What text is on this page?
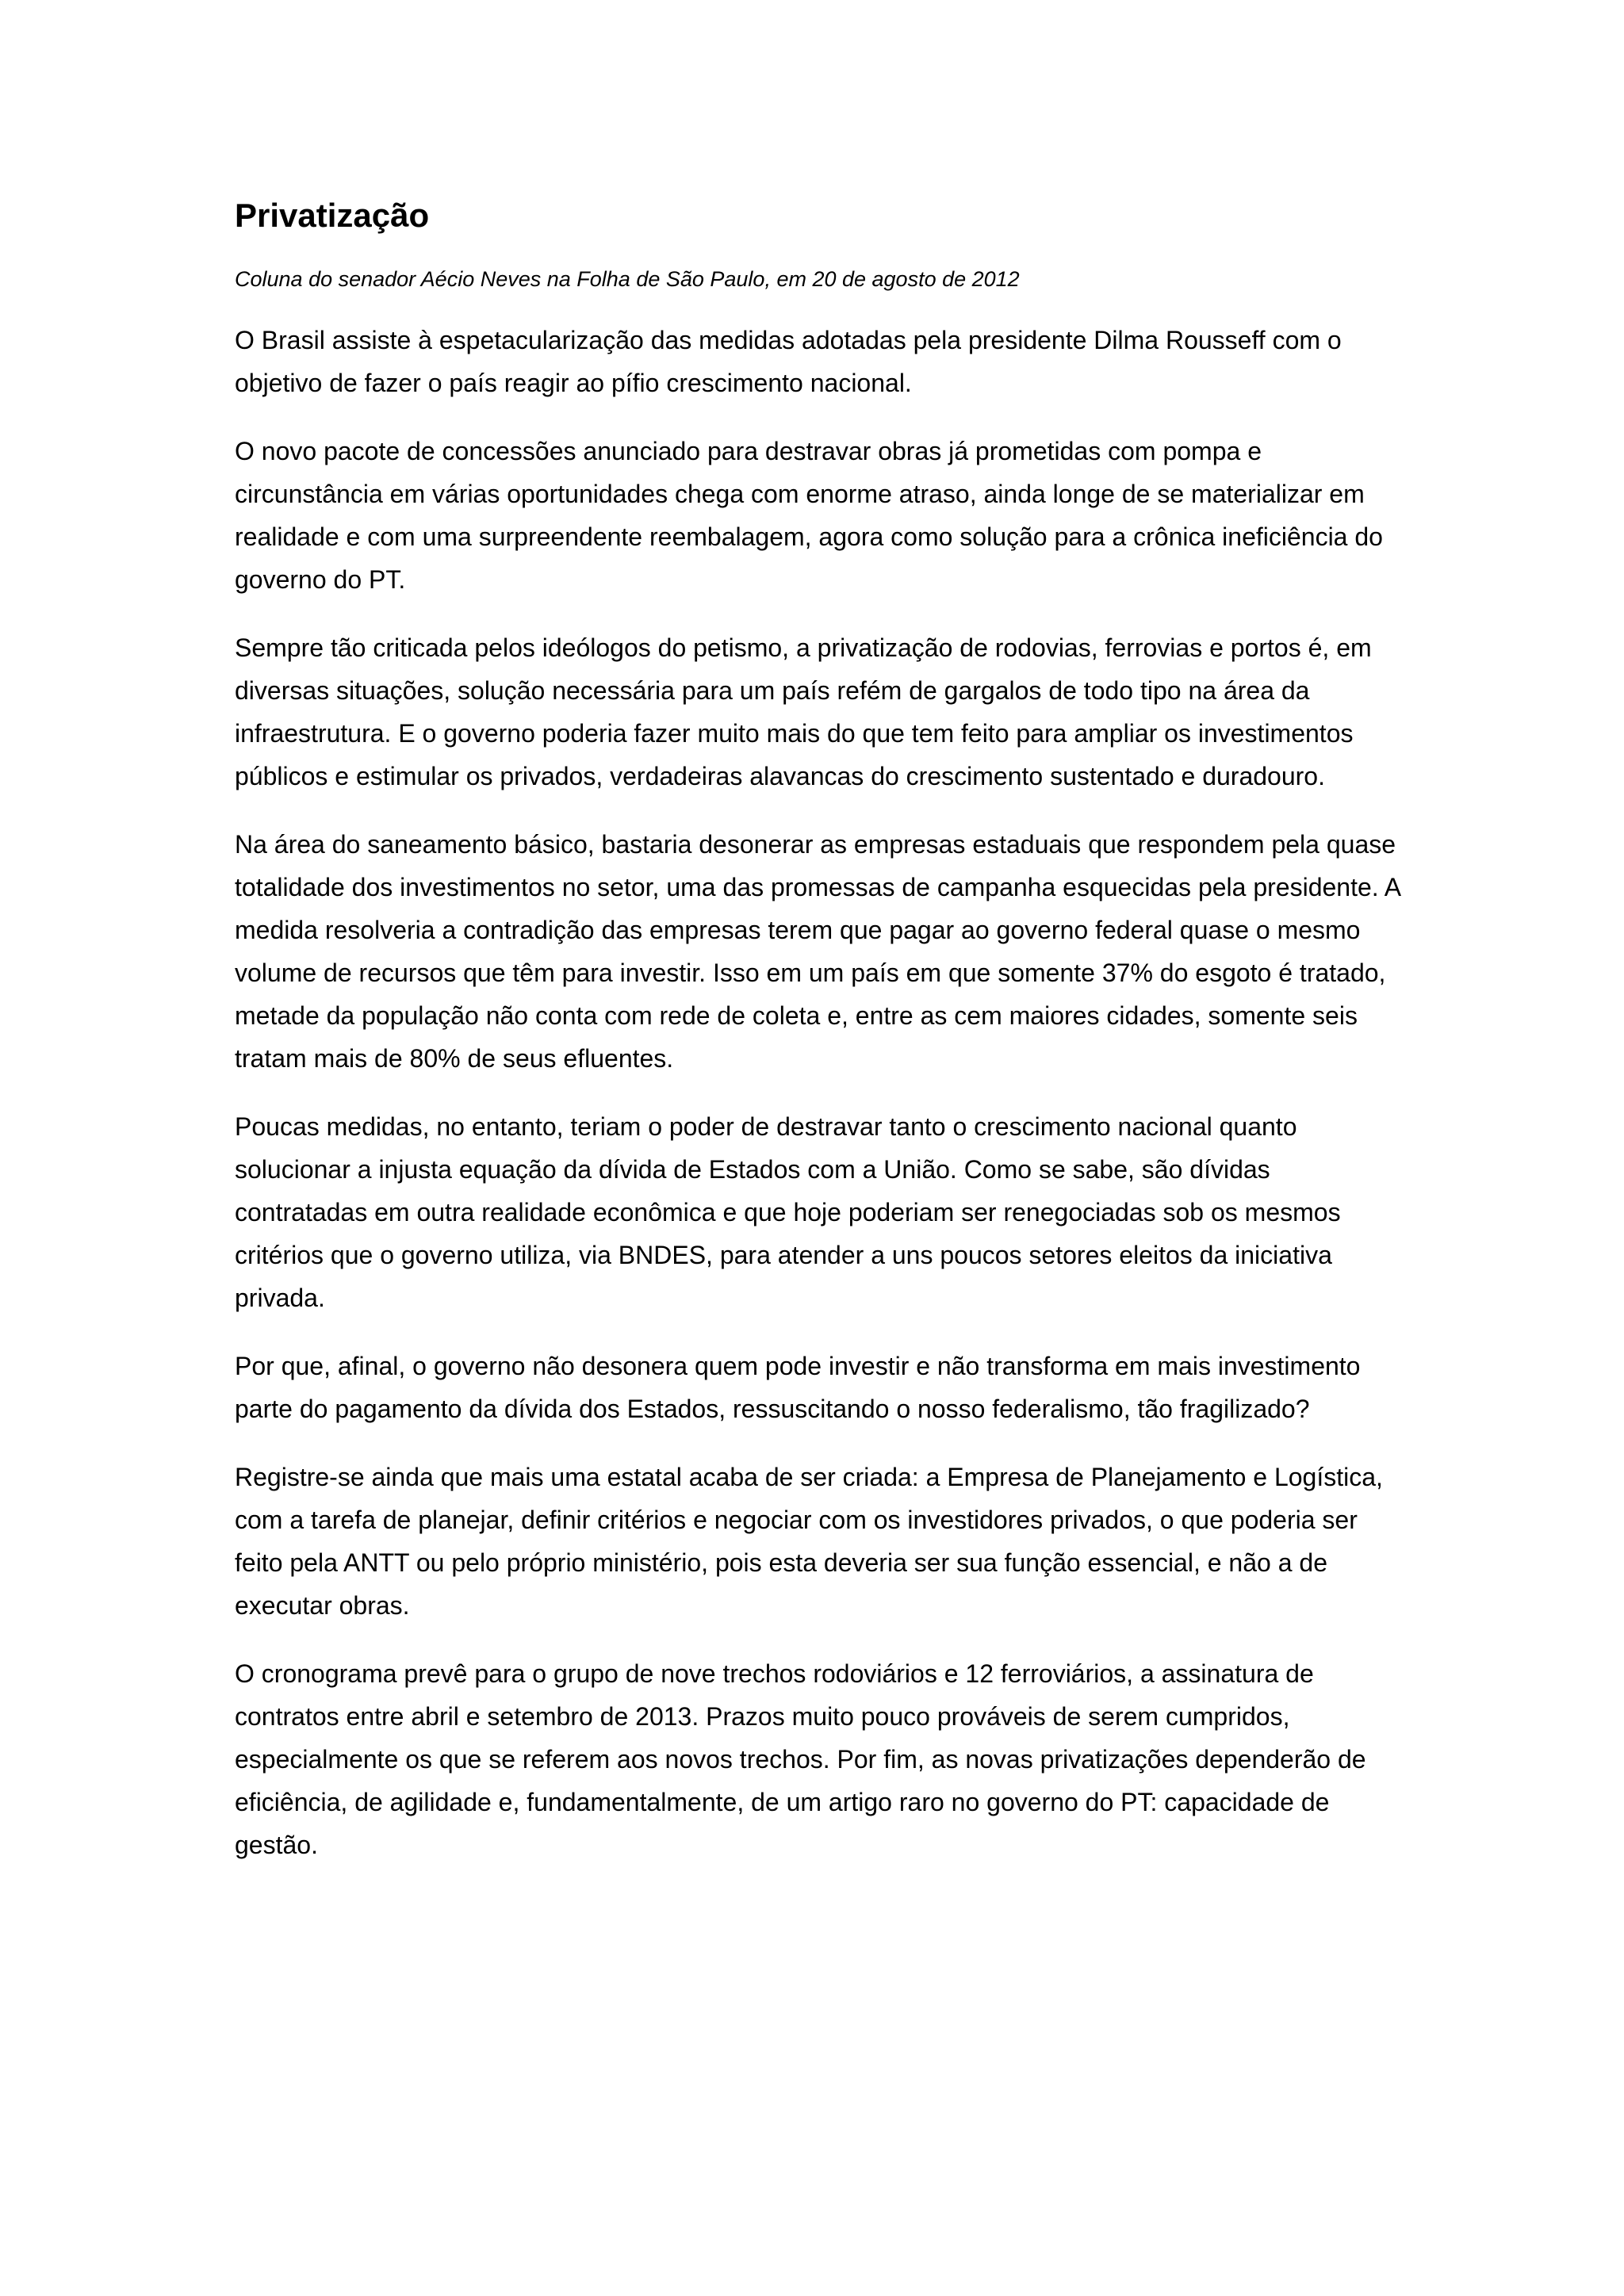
Privatização
Coluna do senador Aécio Neves na Folha de São Paulo, em 20 de agosto de 2012

O Brasil assiste à espetacularização das medidas adotadas pela presidente Dilma Rousseff com o objetivo de fazer o país reagir ao pífio crescimento nacional.

O novo pacote de concessões anunciado para destravar obras já prometidas com pompa e circunstância em várias oportunidades chega com enorme atraso, ainda longe de se materializar em realidade e com uma surpreendente reembalagem, agora como solução para a crônica ineficiência do governo do PT.

Sempre tão criticada pelos ideólogos do petismo, a privatização de rodovias, ferrovias e portos é, em diversas situações, solução necessária para um país refém de gargalos de todo tipo na área da infraestrutura. E o governo poderia fazer muito mais do que tem feito para ampliar os investimentos públicos e estimular os privados, verdadeiras alavancas do crescimento sustentado e duradouro.

Na área do saneamento básico, bastaria desonerar as empresas estaduais que respondem pela quase totalidade dos investimentos no setor, uma das promessas de campanha esquecidas pela presidente. A medida resolveria a contradição das empresas terem que pagar ao governo federal quase o mesmo volume de recursos que têm para investir. Isso em um país em que somente 37% do esgoto é tratado, metade da população não conta com rede de coleta e, entre as cem maiores cidades, somente seis tratam mais de 80% de seus efluentes.

Poucas medidas, no entanto, teriam o poder de destravar tanto o crescimento nacional quanto solucionar a injusta equação da dívida de Estados com a União. Como se sabe, são dívidas contratadas em outra realidade econômica e que hoje poderiam ser renegociadas sob os mesmos critérios que o governo utiliza, via BNDES, para atender a uns poucos setores eleitos da iniciativa privada.

Por que, afinal, o governo não desonera quem pode investir e não transforma em mais investimento parte do pagamento da dívida dos Estados, ressuscitando o nosso federalismo, tão fragilizado?

Registre-se ainda que mais uma estatal acaba de ser criada: a Empresa de Planejamento e Logística, com a tarefa de planejar, definir critérios e negociar com os investidores privados, o que poderia ser feito pela ANTT ou pelo próprio ministério, pois esta deveria ser sua função essencial, e não a de executar obras.

O cronograma prevê para o grupo de nove trechos rodoviários e 12 ferroviários, a assinatura de contratos entre abril e setembro de 2013. Prazos muito pouco prováveis de serem cumpridos, especialmente os que se referem aos novos trechos. Por fim, as novas privatizações dependerão de eficiência, de agilidade e, fundamentalmente, de um artigo raro no governo do PT: capacidade de gestão.
